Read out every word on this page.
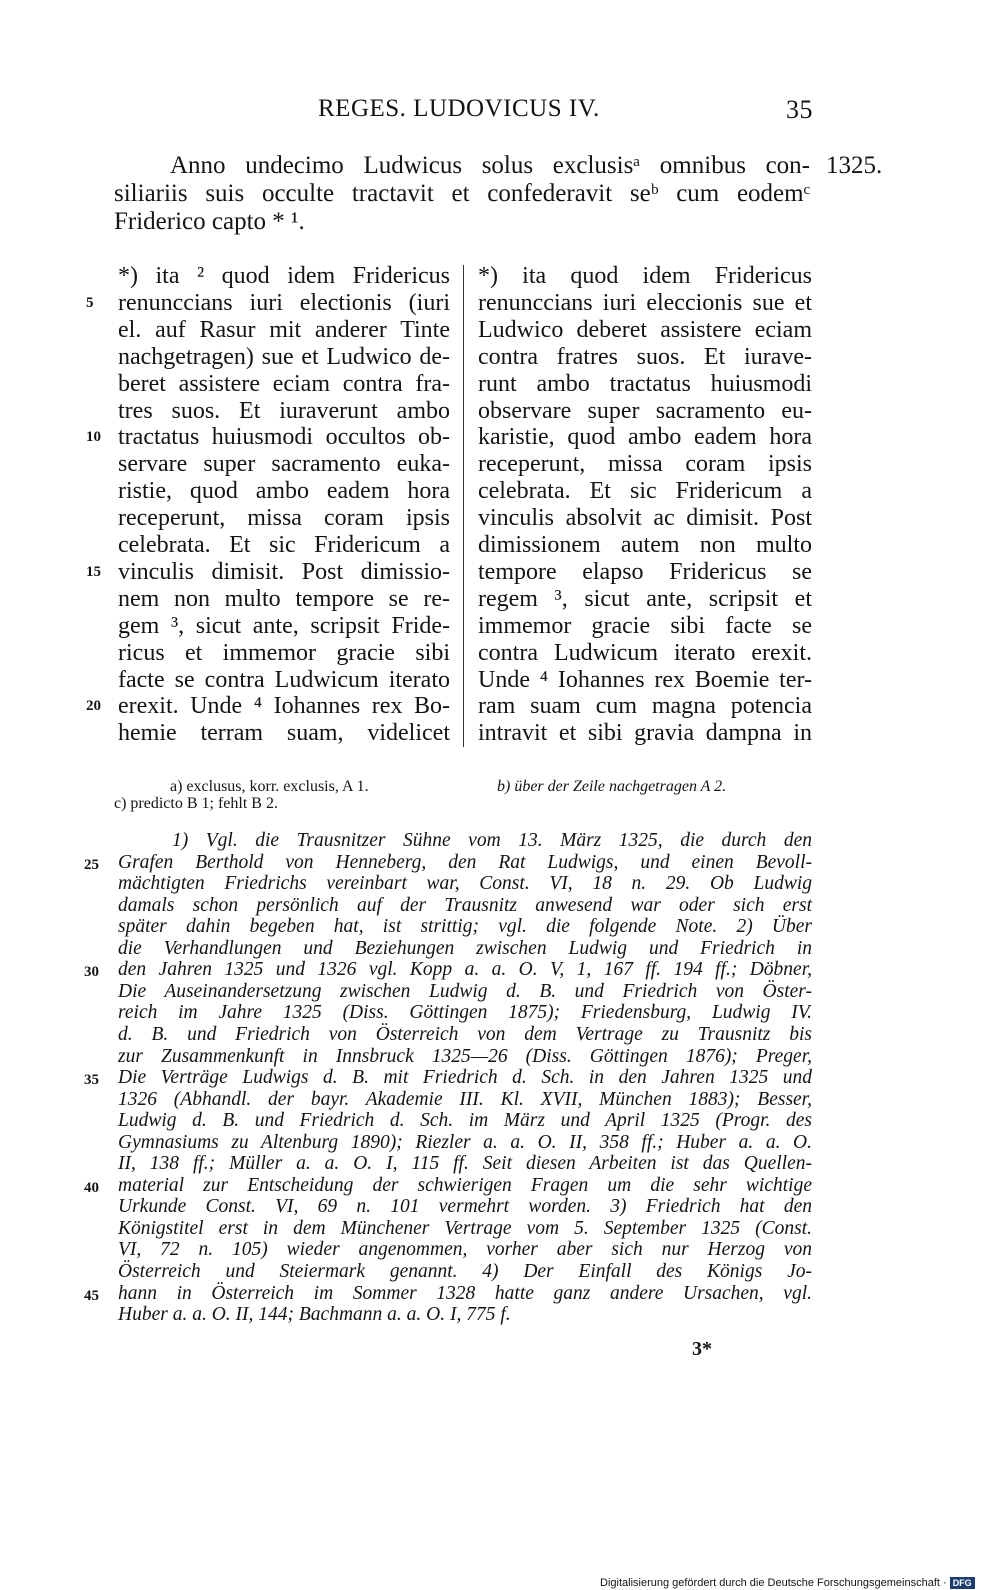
REGES. LUDOVICUS IV.	35
Anno undecimo Ludwicus solus exclusisᵃ omnibus con-
siliariis suis occulte tractavit et confederavit seᵇ cum eodemᶜ
Friderico capto * ¹.
1325.
*) ita ² quod idem Fridericus
renunccians iuri electionis (iuri
el. auf Rasur mit anderer Tinte
nachgetragen) sue et Ludwico de-
beret assistere eciam contra fra-
tres suos. Et iuraverunt ambo
tractatus huiusmodi occultos ob-
servare super sacramento euka-
ristie, quod ambo eadem hora
receperunt, missa coram ipsis
celebrata. Et sic Fridericum a
vinculis dimisit. Post dimissio-
nem non multo tempore se re-
gem ³, sicut ante, scripsit Fride-
ricus et immemor gracie sibi
facte se contra Ludwicum iterato
erexit. Unde ⁴ Iohannes rex Bo-
hemie terram suam, videlicet
*) ita quod idem Fridericus
renunccians iuri eleccionis sue et
Ludwico deberet assistere eciam
contra fratres suos. Et iurave-
runt ambo tractatus huiusmodi
observare super sacramento eu-
karistie, quod ambo eadem hora
receperunt, missa coram ipsis
celebrata. Et sic Fridericum a
vinculis absolvit ac dimisit. Post
dimissionem autem non multo
tempore elapso Fridericus se
regem ³, sicut ante, scripsit et
immemor gracie sibi facte se
contra Ludwicum iterato erexit.
Unde ⁴ Iohannes rex Boemie ter-
ram suam cum magna potencia
intravit et sibi gravia dampna in
5
10
15
20
a) exclusus, korr. exclusis, A 1.	b) über der Zeile nachgetragen A 2.
c) predicto B 1; fehlt B 2.
1) Vgl. die Trausnitzer Sühne vom 13. März 1325, die durch den
Grafen Berthold von Henneberg, den Rat Ludwigs, und einen Bevoll-
mächtigten Friedrichs vereinbart war, Const. VI, 18 n. 29. Ob Ludwig
damals schon persönlich auf der Trausnitz anwesend war oder sich erst
später dahin begeben hat, ist strittig; vgl. die folgende Note. 2) Über
die Verhandlungen und Beziehungen zwischen Ludwig und Friedrich in
den Jahren 1325 und 1326 vgl. Kopp a. a. O. V, 1, 167 ff. 194 ff.; Döbner,
Die Auseinandersetzung zwischen Ludwig d. B. und Friedrich von Öster-
reich im Jahre 1325 (Diss. Göttingen 1875); Friedensburg, Ludwig IV.
d. B. und Friedrich von Österreich von dem Vertrage zu Trausnitz bis
zur Zusammenkunft in Innsbruck 1325—26 (Diss. Göttingen 1876); Preger,
Die Verträge Ludwigs d. B. mit Friedrich d. Sch. in den Jahren 1325 und
1326 (Abhandl. der bayr. Akademie III. Kl. XVII, München 1883); Besser,
Ludwig d. B. und Friedrich d. Sch. im März und April 1325 (Progr. des
Gymnasiums zu Altenburg 1890); Riezler a. a. O. II, 358 ff.; Huber a. a. O.
II, 138 ff.; Müller a. a. O. I, 115 ff. Seit diesen Arbeiten ist das Quellen-
material zur Entscheidung der schwierigen Fragen um die sehr wichtige
Urkunde Const. VI, 69 n. 101 vermehrt worden. 3) Friedrich hat den
Königstitel erst in dem Münchener Vertrage vom 5. September 1325 (Const.
VI, 72 n. 105) wieder angenommen, vorher aber sich nur Herzog von
Österreich und Steiermark genannt. 4) Der Einfall des Königs Jo-
hann in Österreich im Sommer 1328 hatte ganz andere Ursachen, vgl.
Huber a. a. O. II, 144; Bachmann a. a. O. I, 775 f.
25
30
35
40
45
3*
Digitalisierung gefördert durch die Deutsche Forschungsgemeinschaft · DFG
